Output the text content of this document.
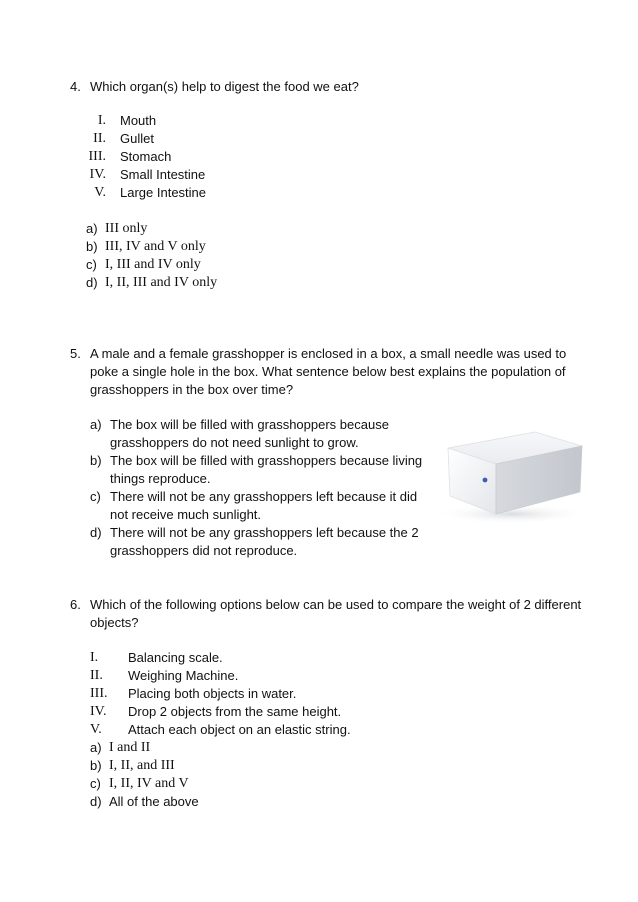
4. Which organ(s) help to digest the food we eat?
I. Mouth
II. Gullet
III. Stomach
IV. Small Intestine
V. Large Intestine
a) III only
b) III, IV and V only
c) I, III and IV only
d) I, II, III and IV only
5. A male and a female grasshopper is enclosed in a box, a small needle was used to
poke a single hole in the box. What sentence below best explains the population of
grasshoppers in the box over time?
a) The box will be filled with grasshoppers because
grasshoppers do not need sunlight to grow.
b) The box will be filled with grasshoppers because living
things reproduce.
c) There will not be any grasshoppers left because it did
not receive much sunlight.
d) There will not be any grasshoppers left because the 2
grasshoppers did not reproduce.
6. Which of the following options below can be used to compare the weight of 2 different
objects?
I. Balancing scale.
II. Weighing Machine.
III. Placing both objects in water.
IV. Drop 2 objects from the same height.
V. Attach each object on an elastic string.
a) I and II
b) I, II, and III
c) I, II, IV and V
d) All of the above
